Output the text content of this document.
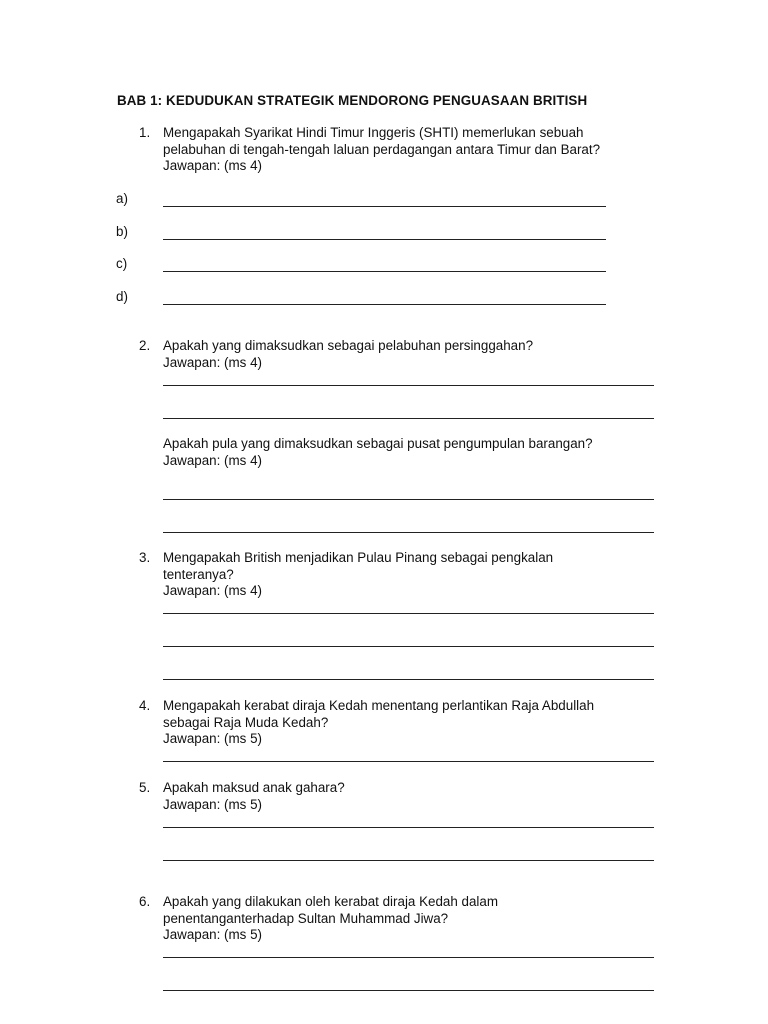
BAB 1: KEDUDUKAN STRATEGIK MENDORONG PENGUASAAN BRITISH
1. Mengapakah Syarikat Hindi Timur Inggeris (SHTI) memerlukan sebuah
pelabuhan di tengah-tengah laluan perdagangan antara Timur dan Barat?
Jawapan: (ms 4)
a)
b)
c)
d)
2. Apakah yang dimaksudkan sebagai pelabuhan persinggahan?
Jawapan: (ms 4)
Apakah pula yang dimaksudkan sebagai pusat pengumpulan barangan?
Jawapan: (ms 4)
3. Mengapakah British menjadikan Pulau Pinang sebagai pengkalan
tenteranya?
Jawapan: (ms 4)
4. Mengapakah kerabat diraja Kedah menentang perlantikan Raja Abdullah
sebagai Raja Muda Kedah?
Jawapan: (ms 5)
5. Apakah maksud anak gahara?
Jawapan: (ms 5)
6. Apakah yang dilakukan oleh kerabat diraja Kedah dalam
penentanganterhadap Sultan Muhammad Jiwa?
Jawapan: (ms 5)
